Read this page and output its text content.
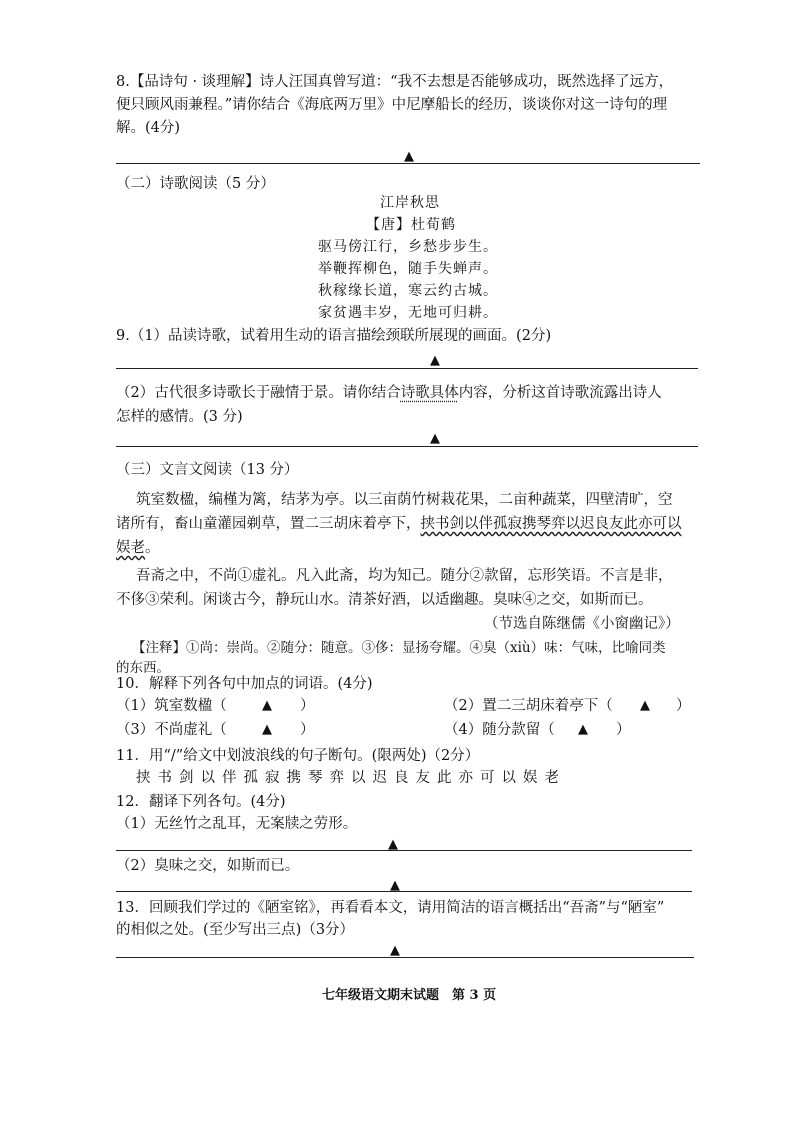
8.【品诗句 · 谈理解】诗人汪国真曾写道：“我不去想是否能够成功，既然选择了远方，
便只顾风雨兼程。”请你结合《海底两万里》中尼摩船长的经历，谈谈你对这一诗句的理
解。(4分)
▲
（二）诗歌阅读（5 分）
江岸秋思
【唐】杜荀鹤
驱马傍江行，乡愁步步生。
举鞭挥柳色，随手失蝉声。
秋稼缘长道，寒云约古城。
家贫遇丰岁，无地可归耕。
9.（1）品读诗歌，试着用生动的语言描绘颈联所展现的画面。(2分)
▲
（2）古代很多诗歌长于融情于景。请你结合诗歌具体内容，分析这首诗歌流露出诗人
怎样的感情。(3 分)
▲
（三）文言文阅读（13 分）
筑室数楹，编槿为篱，结茅为亭。以三亩荫竹树栽花果，二亩种蔬菜，四壁清旷，空
诸所有，畜山童灌园剃草，置二三胡床着亭下，挟书剑以伴孤寂携琴弈以迟良友此亦可以
娱老。
吾斋之中，不尚①虚礼。凡入此斋，均为知己。随分②款留，忘形笑语。不言是非，
不侈③荣利。闲谈古今，静玩山水。清茶好酒，以适幽趣。臭味④之交，如斯而已。
（节选自陈继儒《小窗幽记》）
【注释】①尚：崇尚。②随分：随意。③侈：显扬夸耀。④臭（xiù）味：气味，比喻同类
的东西。
10．解释下列各句中加点的词语。(4分)
（1）筑室数楹（	▲ ）	（2）置二三胡床着亭下（ ▲ ）
（3）不尚虚礼（	▲ ）	（4）随分款留（ ▲ ）
11．用“/”给文中划波浪线的句子断句。(限两处)（2分）
挟书剑以伴孤寂携琴弈以迟良友此亦可以娱老
12．翻译下列各句。(4分)
（1）无丝竹之乱耳，无案牍之劳形。
▲
（2）臭味之交，如斯而已。
▲
13．回顾我们学过的《陋室铭》，再看看本文，请用简洁的语言概括出“吾斋”与“陋室”
的相似之处。(至少写出三点)（3分）
▲
七年级语文期末试题　第 3 页
